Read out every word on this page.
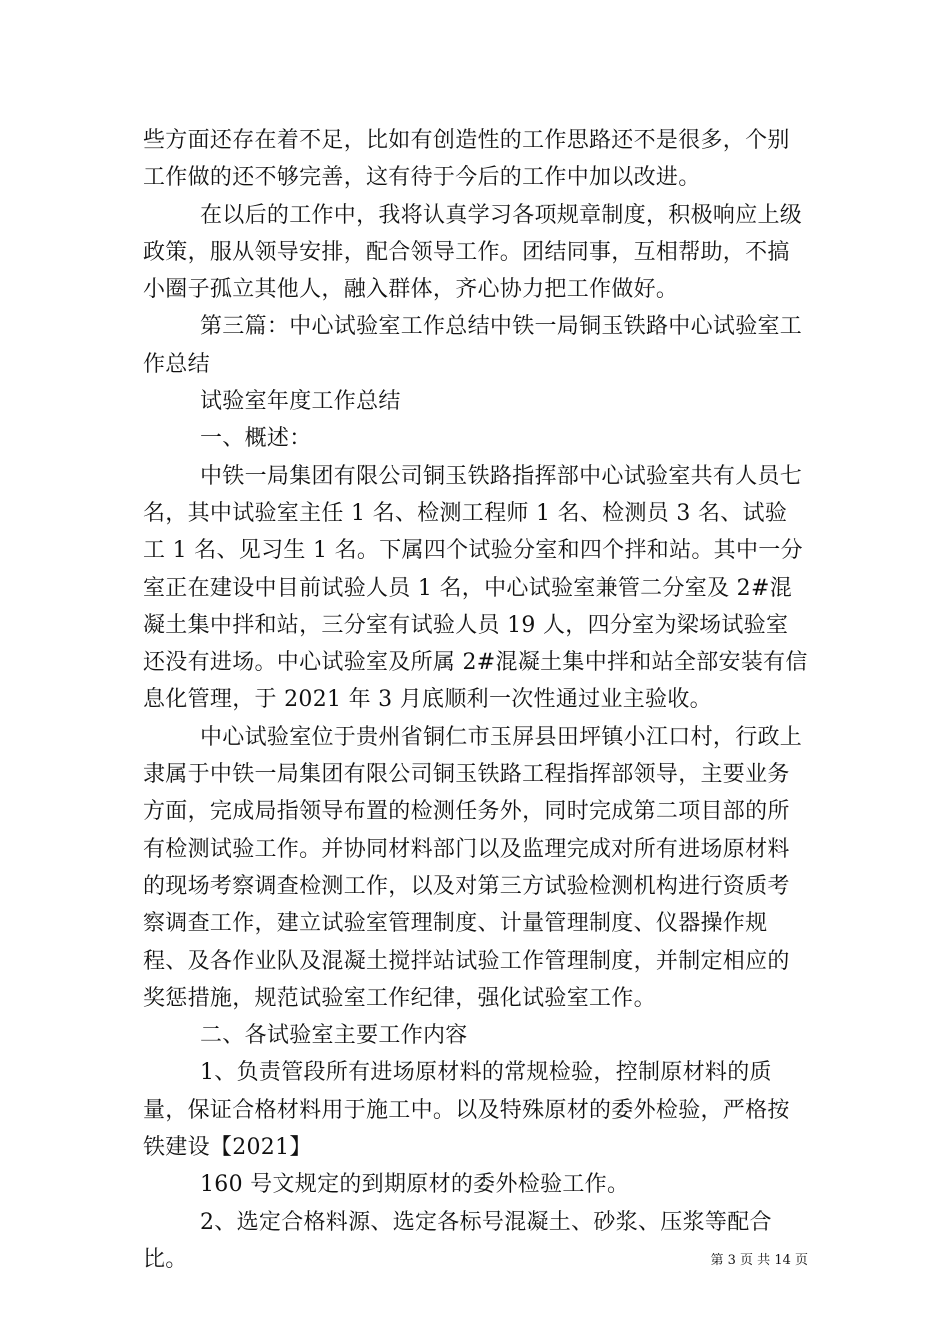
些方面还存在着不足，比如有创造性的工作思路还不是很多，个别工作做的还不够完善，这有待于今后的工作中加以改进。

在以后的工作中，我将认真学习各项规章制度，积极响应上级政策，服从领导安排，配合领导工作。团结同事，互相帮助，不搞小圈子孤立其他人，融入群体，齐心协力把工作做好。

第三篇：中心试验室工作总结中铁一局铜玉铁路中心试验室工作总结

试验室年度工作总结

一、概述：

中铁一局集团有限公司铜玉铁路指挥部中心试验室共有人员七名，其中试验室主任 1 名、检测工程师 1 名、检测员 3 名、试验工 1 名、见习生 1 名。下属四个试验分室和四个拌和站。其中一分室正在建设中目前试验人员 1 名，中心试验室兼管二分室及 2#混凝土集中拌和站，三分室有试验人员 19 人，四分室为梁场试验室还没有进场。中心试验室及所属 2#混凝土集中拌和站全部安装有信息化管理，于 2021 年 3 月底顺利一次性通过业主验收。

中心试验室位于贵州省铜仁市玉屏县田坪镇小江口村，行政上隶属于中铁一局集团有限公司铜玉铁路工程指挥部领导，主要业务方面，完成局指领导布置的检测任务外，同时完成第二项目部的所有检测试验工作。并协同材料部门以及监理完成对所有进场原材料的现场考察调查检测工作，以及对第三方试验检测机构进行资质考察调查工作，建立试验室管理制度、计量管理制度、仪器操作规程、及各作业队及混凝土搅拌站试验工作管理制度，并制定相应的奖惩措施，规范试验室工作纪律，强化试验室工作。

二、各试验室主要工作内容

1、负责管段所有进场原材料的常规检验，控制原材料的质量，保证合格材料用于施工中。以及特殊原材的委外检验，严格按铁建设【2021】

160 号文规定的到期原材的委外检验工作。

2、选定合格料源、选定各标号混凝土、砂浆、压浆等配合比。	第 3 页 共 14 页
